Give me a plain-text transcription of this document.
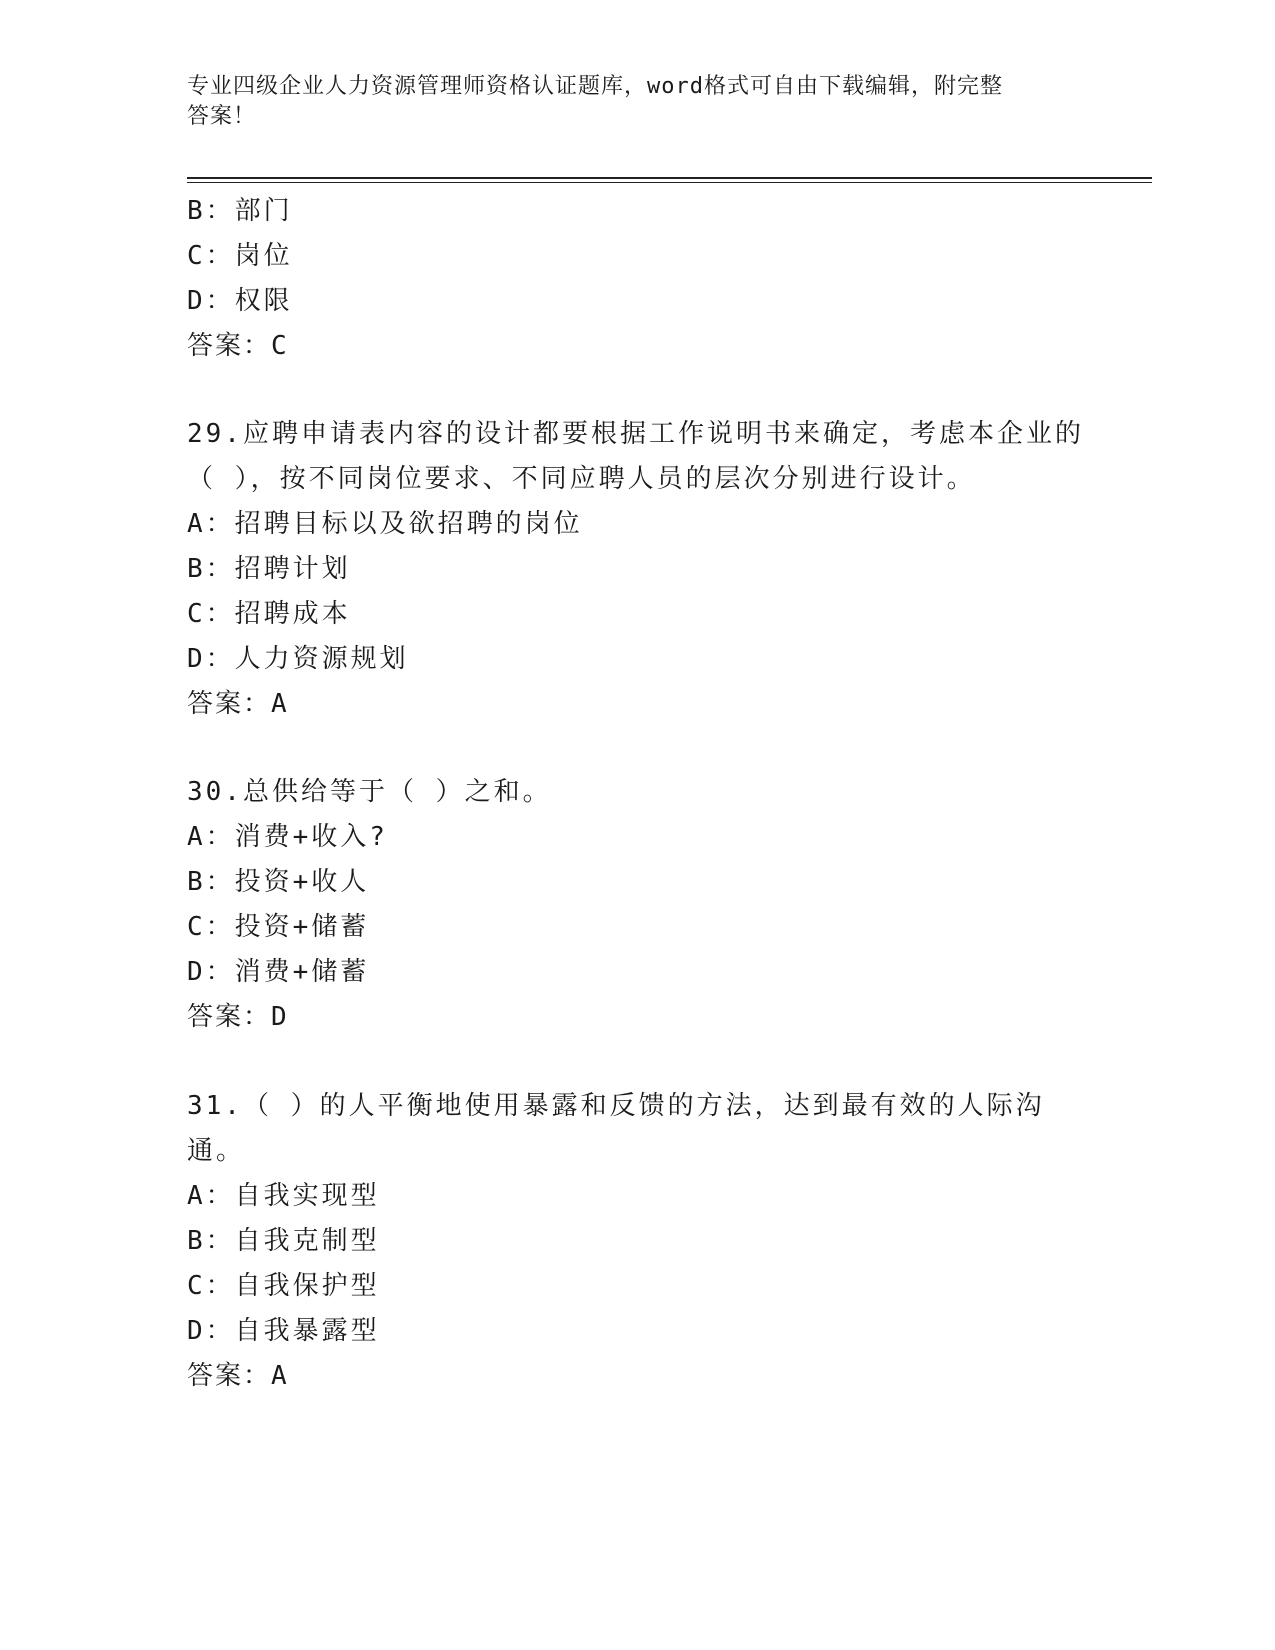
专业四级企业人力资源管理师资格认证题库，word格式可自由下载编辑，附完整
答案！
B：部门
C：岗位
D：权限
答案：C
29.应聘申请表内容的设计都要根据工作说明书来确定，考虑本企业的
（ ），按不同岗位要求、不同应聘人员的层次分别进行设计。
A：招聘目标以及欲招聘的岗位
B：招聘计划
C：招聘成本
D：人力资源规划
答案：A
30.总供给等于（ ）之和。
A：消费+收入?
B：投资+收人
C：投资+储蓄
D：消费+储蓄
答案：D
31.（ ）的人平衡地使用暴露和反馈的方法，达到最有效的人际沟
通。
A：自我实现型
B：自我克制型
C：自我保护型
D：自我暴露型
答案：A
